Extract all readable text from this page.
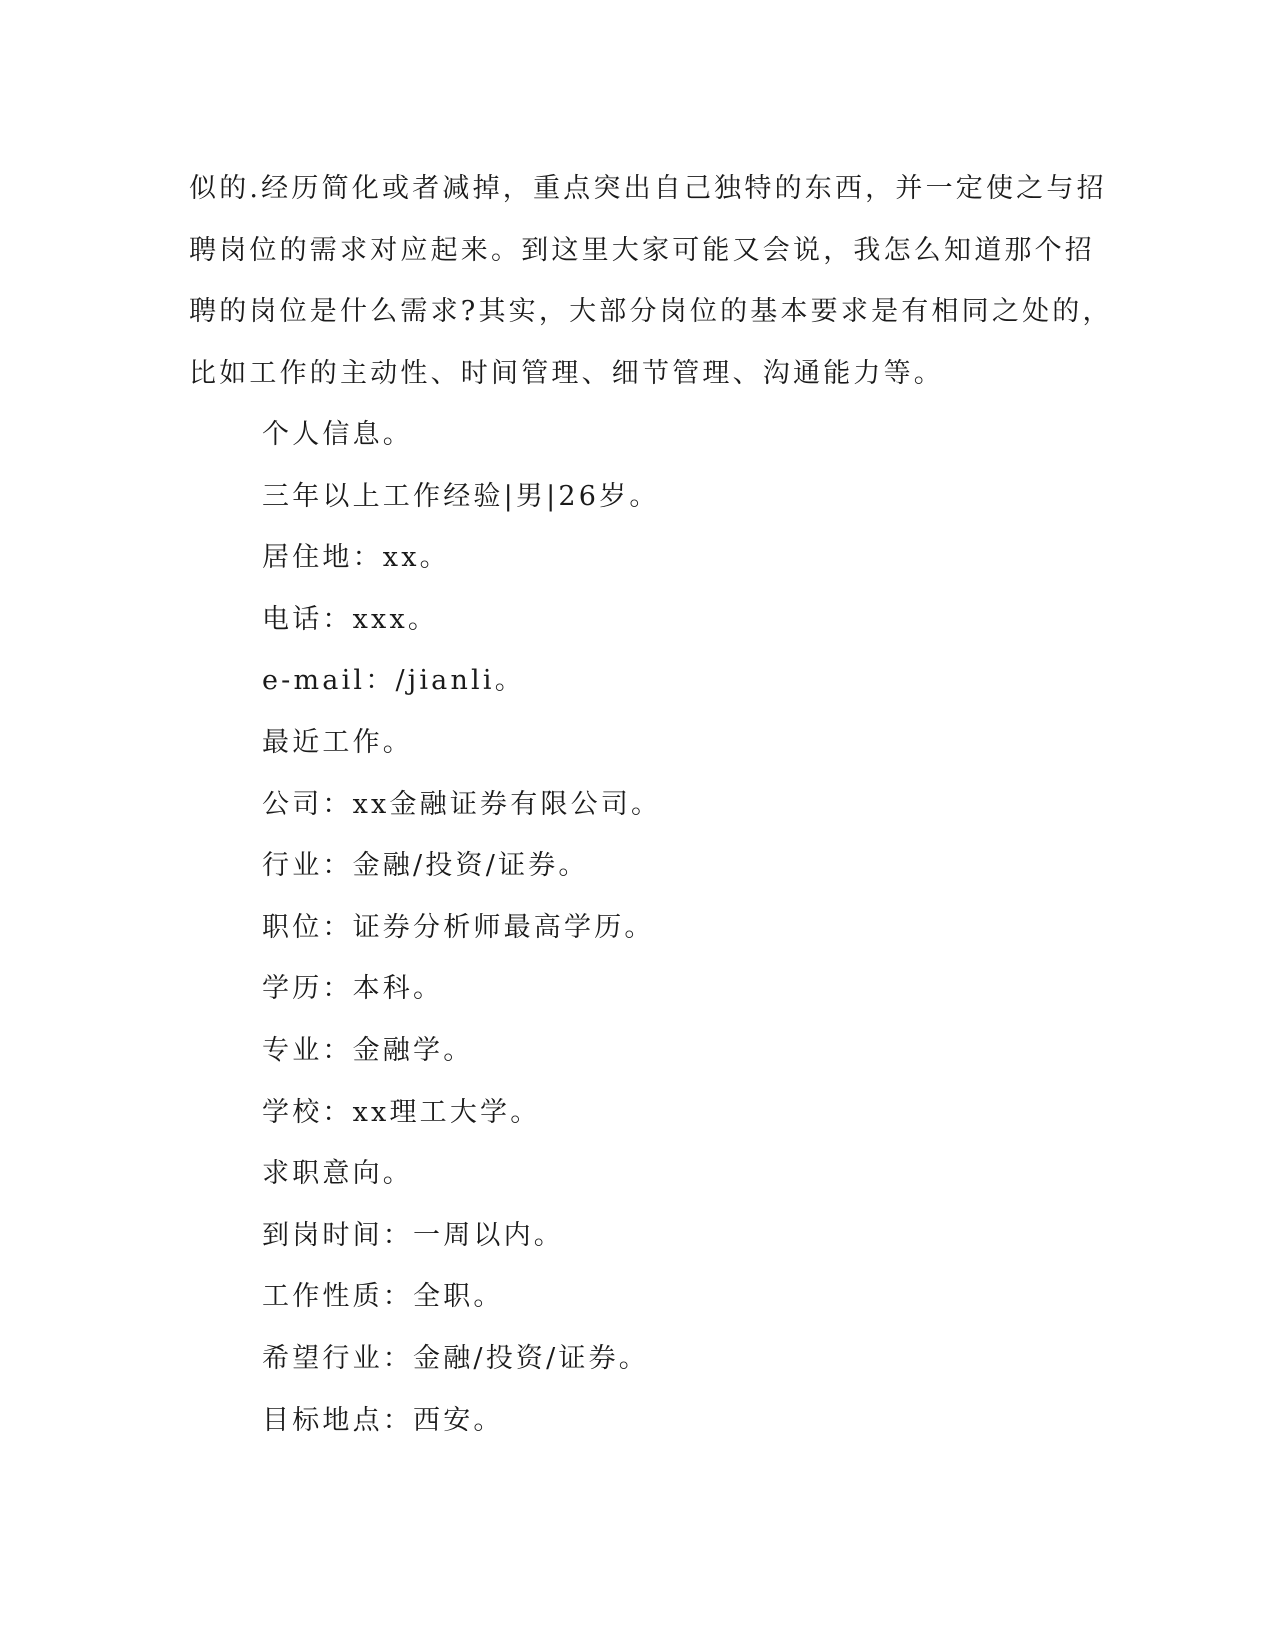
似的.经历简化或者减掉，重点突出自己独特的东西，并一定使之与招
聘岗位的需求对应起来。到这里大家可能又会说，我怎么知道那个招
聘的岗位是什么需求?其实，大部分岗位的基本要求是有相同之处的，
比如工作的主动性、时间管理、细节管理、沟通能力等。
个人信息。
三年以上工作经验|男|26岁。
居住地：xx。
电话：xxx。
e-mail：/jianli。
最近工作。
公司：xx金融证券有限公司。
行业：金融/投资/证券。
职位：证券分析师最高学历。
学历：本科。
专业：金融学。
学校：xx理工大学。
求职意向。
到岗时间：一周以内。
工作性质：全职。
希望行业：金融/投资/证券。
目标地点：西安。
